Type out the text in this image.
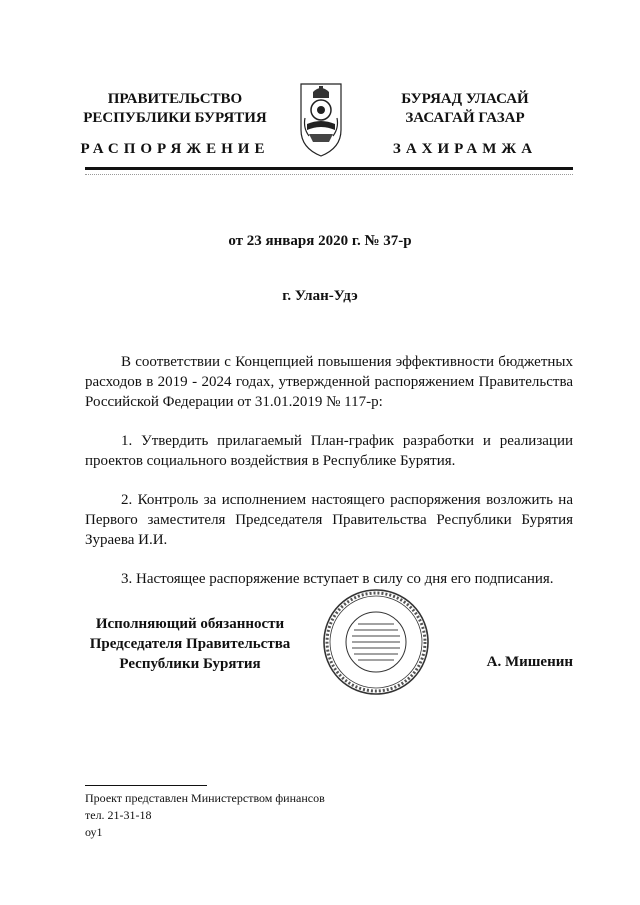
ПРАВИТЕЛЬСТВО
РЕСПУБЛИКИ БУРЯТИЯ
БУРЯАД УЛАСАЙ
ЗАСАГАЙ ГАЗАР
РАСПОРЯЖЕНИЕ	ЗАХИРАМЖА
от 23 января 2020 г. № 37-р
г. Улан-Удэ

В соответствии с Концепцией повышения эффективности бюджетных расходов в 2019 - 2024 годах, утвержденной распоряжением Правительства Российской Федерации от 31.01.2019 № 117-р:

1. Утвердить прилагаемый План-график разработки и реализации проектов социального воздействия в Республике Бурятия.

2. Контроль за исполнением настоящего распоряжения возложить на Первого заместителя Председателя Правительства Республики Бурятия Зураева И.И.

3. Настоящее распоряжение вступает в силу со дня его подписания.

Исполняющий обязанности
Председателя Правительства
Республики Бурятия	А. Мишенин
Проект представлен Министерством финансов
тел. 21-31-18
оу1
